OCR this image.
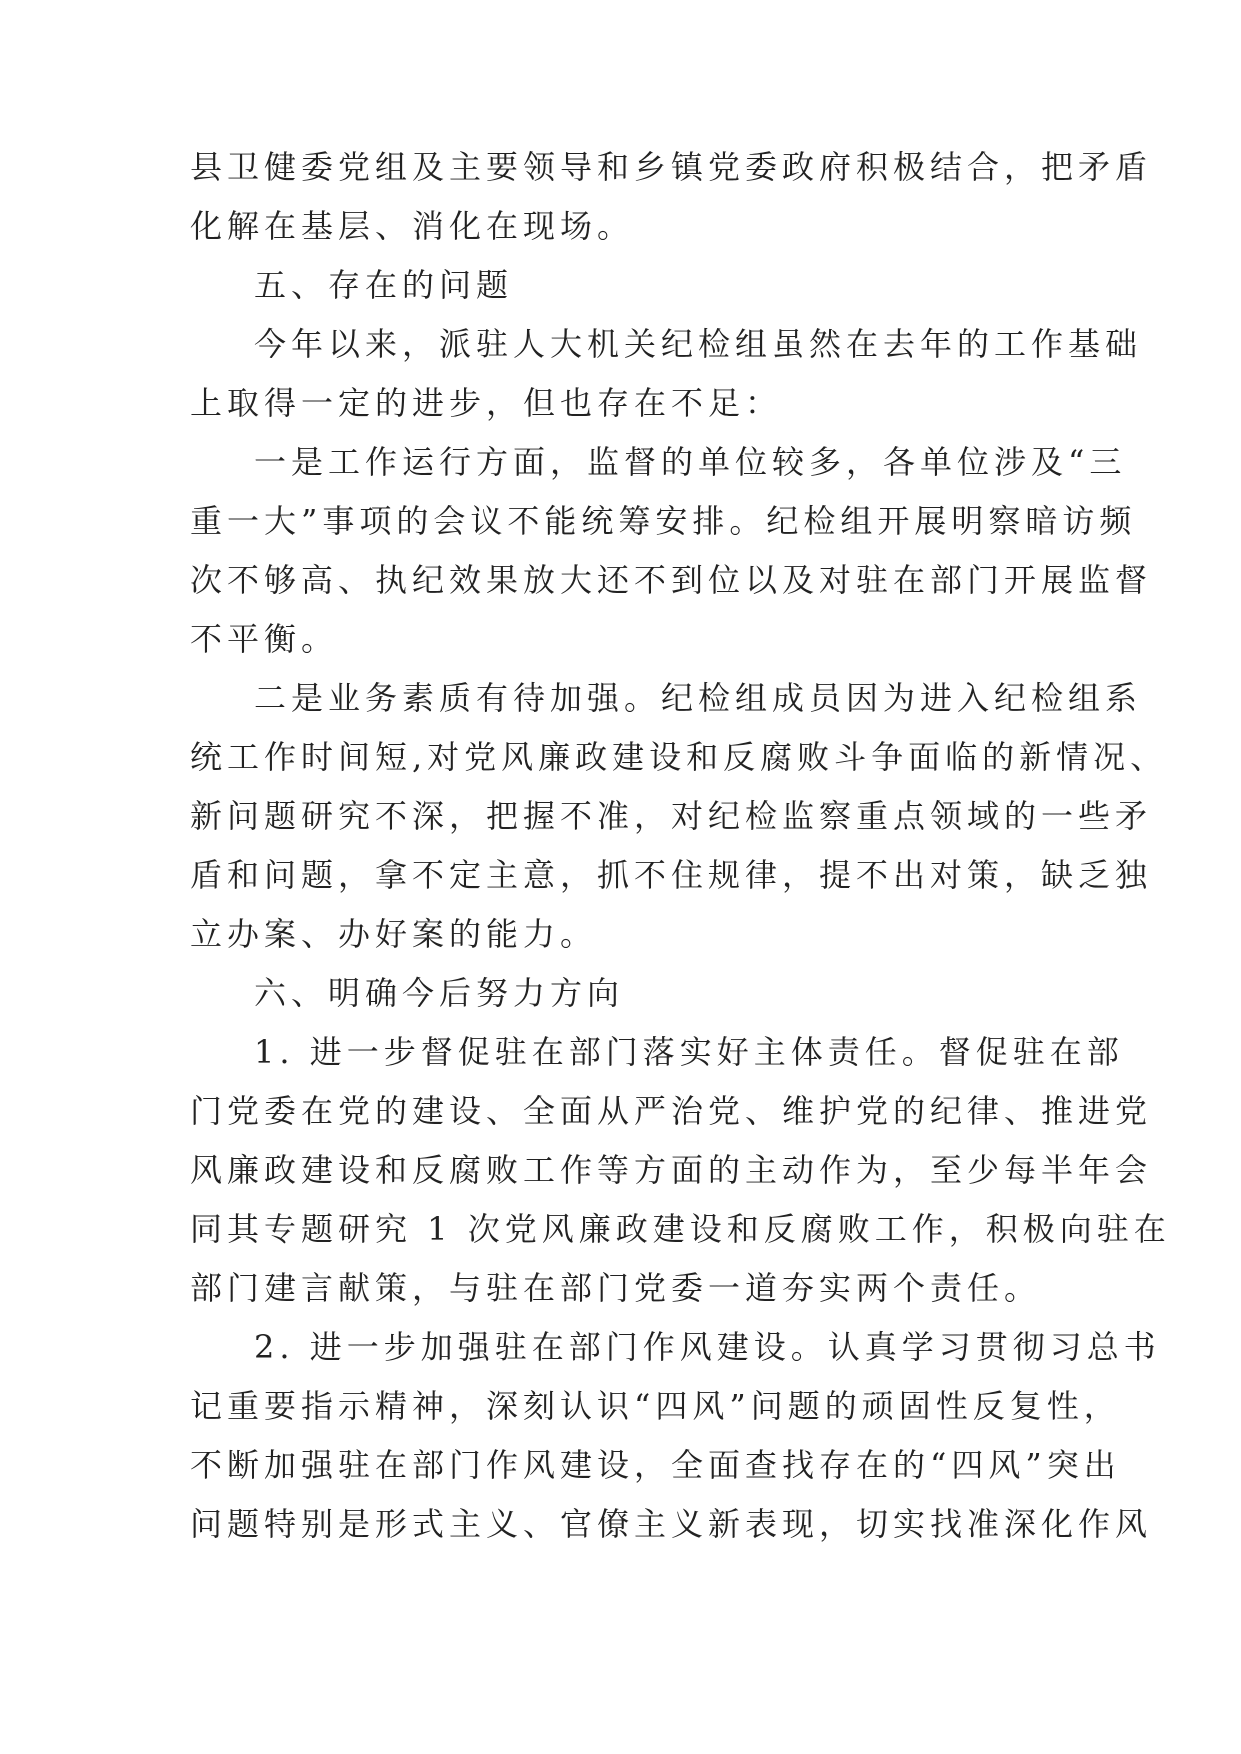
县卫健委党组及主要领导和乡镇党委政府积极结合，把矛盾
化解在基层、消化在现场。
五、存在的问题
今年以来，派驻人大机关纪检组虽然在去年的工作基础
上取得一定的进步，但也存在不足：
一是工作运行方面，监督的单位较多，各单位涉及“三
重一大”事项的会议不能统筹安排。纪检组开展明察暗访频
次不够高、执纪效果放大还不到位以及对驻在部门开展监督
不平衡。
二是业务素质有待加强。纪检组成员因为进入纪检组系
统工作时间短,对党风廉政建设和反腐败斗争面临的新情况、
新问题研究不深，把握不准，对纪检监察重点领域的一些矛
盾和问题，拿不定主意，抓不住规律，提不出对策，缺乏独
立办案、办好案的能力。
六、明确今后努力方向
1. 进一步督促驻在部门落实好主体责任。督促驻在部
门党委在党的建设、全面从严治党、维护党的纪律、推进党
风廉政建设和反腐败工作等方面的主动作为，至少每半年会
同其专题研究 1 次党风廉政建设和反腐败工作，积极向驻在
部门建言献策，与驻在部门党委一道夯实两个责任。
2. 进一步加强驻在部门作风建设。认真学习贯彻习总书
记重要指示精神，深刻认识“四风”问题的顽固性反复性，
不断加强驻在部门作风建设，全面查找存在的“四风”突出
问题特别是形式主义、官僚主义新表现，切实找准深化作风
